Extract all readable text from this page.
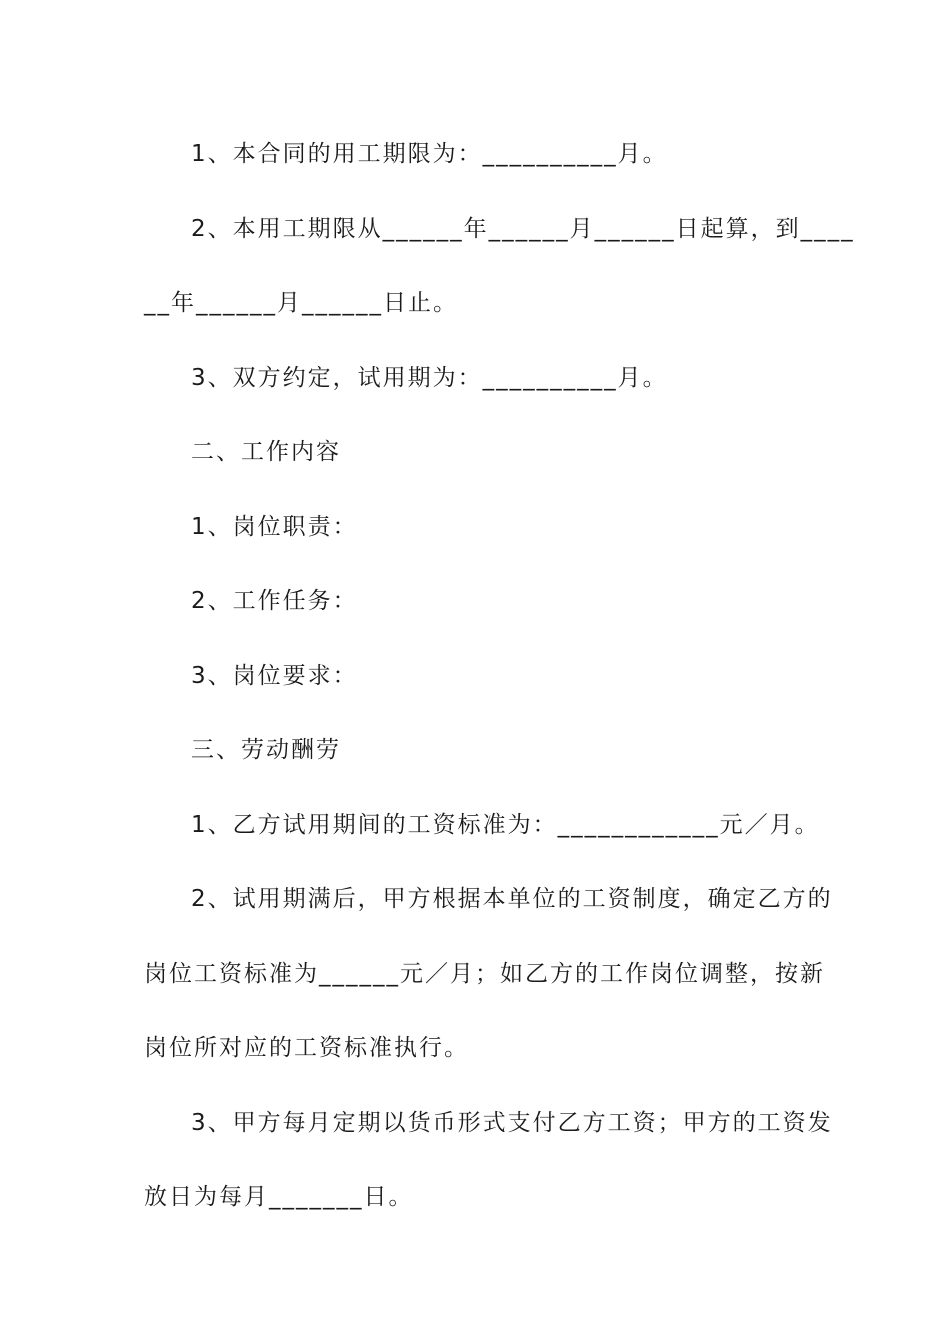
1、本合同的用工期限为：__________月。
2、本用工期限从______年______月______日起算，到____
__年______月______日止。
3、双方约定，试用期为：__________月。
二、工作内容
1、岗位职责：
2、工作任务：
3、岗位要求：
三、劳动酬劳
1、乙方试用期间的工资标准为：____________元／月。
2、试用期满后，甲方根据本单位的工资制度，确定乙方的
岗位工资标准为______元／月；如乙方的工作岗位调整，按新
岗位所对应的工资标准执行。
3、甲方每月定期以货币形式支付乙方工资；甲方的工资发
放日为每月_______日。
